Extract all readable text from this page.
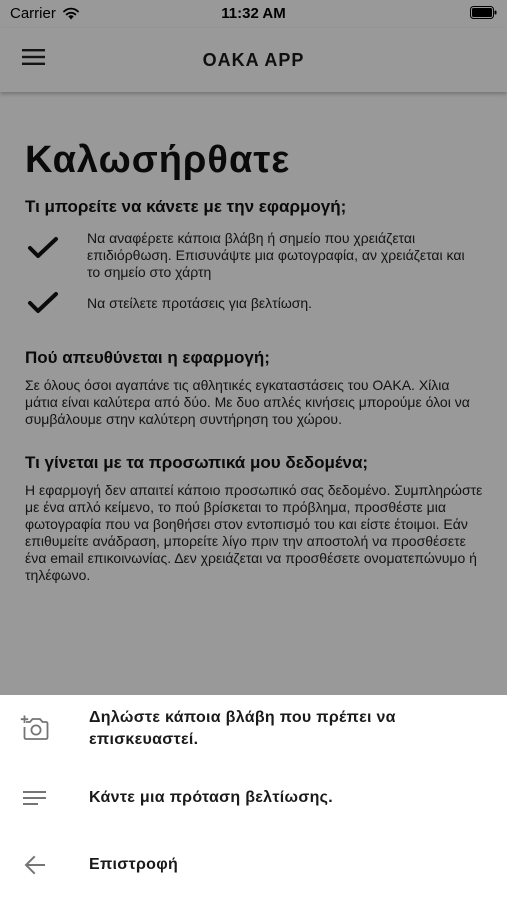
Carrier	11:32 AM
OAKA APP
Καλωσήρθατε
Τι μπορείτε να κάνετε με την εφαρμογή;
Να αναφέρετε κάποια βλάβη ή σημείο που χρειάζεται επιδιόρθωση. Επισυνάψτε μια φωτογραφία, αν χρειάζεται και το σημείο στο χάρτη
Να στείλετε προτάσεις για βελτίωση.
Πού απευθύνεται η εφαρμογή;

Σε όλους όσοι αγαπάνε τις αθλητικές εγκαταστάσεις του ΟΑΚΑ. Χίλια μάτια είναι καλύτερα από δύο. Με δυο απλές κινήσεις μπορούμε όλοι να συμβάλουμε στην καλύτερη συντήρηση του χώρου.

Τι γίνεται με τα προσωπικά μου δεδομένα;

Η εφαρμογή δεν απαιτεί κάποιο προσωπικό σας δεδομένο. Συμπληρώστε με ένα απλό κείμενο, το πού βρίσκεται το πρόβλημα, προσθέστε μια φωτογραφία που να βοηθήσει στον εντοπισμό του και είστε έτοιμοι. Εάν επιθυμείτε ανάδραση, μπορείτε λίγο πριν την αποστολή να προσθέσετε ένα email επικοινωνίας. Δεν χρειάζεται να προσθέσετε ονοματεπώνυμο ή τηλέφωνο.

Δηλώστε κάποια βλάβη που πρέπει να επισκευαστεί.
Κάντε μια πρόταση βελτίωσης.
Επιστροφή
